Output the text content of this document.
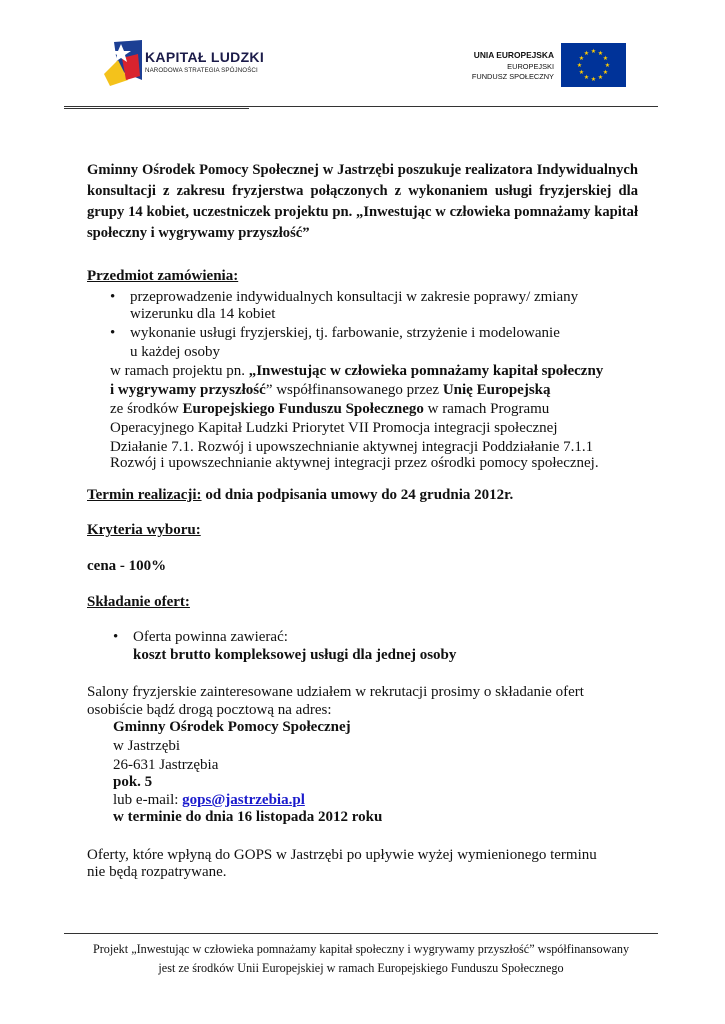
KAPITAŁ LUDZKI
NARODOWA STRATEGIA SPÓJNOŚCI
UNIA EUROPEJSKA
EUROPEJSKI
FUNDUSZ SPOŁECZNY
★ ★
★
★
★
★
★
★
★
★
★
★
Gminny Ośrodek Pomocy Społecznej w Jastrzębi poszukuje realizatora Indywidualnych konsultacji z zakresu fryzjerstwa połączonych z wykonaniem usługi fryzjerskiej dla grupy 14 kobiet, uczestniczek projektu pn. „Inwestując w człowieka pomnażamy kapitał społeczny i wygrywamy przyszłość”
Przedmiot zamówienia:
• przeprowadzenie indywidualnych konsultacji w zakresie poprawy/ zmiany
wizerunku dla 14 kobiet
• wykonanie usługi fryzjerskiej, tj. farbowanie, strzyżenie i modelowanie
u każdej osoby
w ramach projektu pn. „Inwestując w człowieka pomnażamy kapitał społeczny
i wygrywamy przyszłość” współfinansowanego przez Unię Europejską
ze środków Europejskiego Funduszu Społecznego w ramach Programu
Operacyjnego Kapitał Ludzki Priorytet VII Promocja integracji społecznej
Działanie 7.1. Rozwój i upowszechnianie aktywnej integracji Poddziałanie 7.1.1
Rozwój i upowszechnianie aktywnej integracji przez ośrodki pomocy społecznej.
Termin realizacji: od dnia podpisania umowy do 24 grudnia 2012r.
Kryteria wyboru:
cena - 100%
Składanie ofert:
• Oferta powinna zawierać:
koszt brutto kompleksowej usługi dla jednej osoby
Salony fryzjerskie zainteresowane udziałem w rekrutacji prosimy o składanie ofert
osobiście bądź drogą pocztową na adres:
Gminny Ośrodek Pomocy Społecznej
w Jastrzębi
26-631 Jastrzębia
pok. 5
lub e-mail: gops@jastrzebia.pl
w terminie do dnia 16 listopada 2012 roku
Oferty, które wpłyną do GOPS w Jastrzębi po upływie wyżej wymienionego terminu
nie będą rozpatrywane.
Projekt „Inwestując w człowieka pomnażamy kapitał społeczny i wygrywamy przyszłość” współfinansowany
jest ze środków Unii Europejskiej w ramach Europejskiego Funduszu Społecznego
